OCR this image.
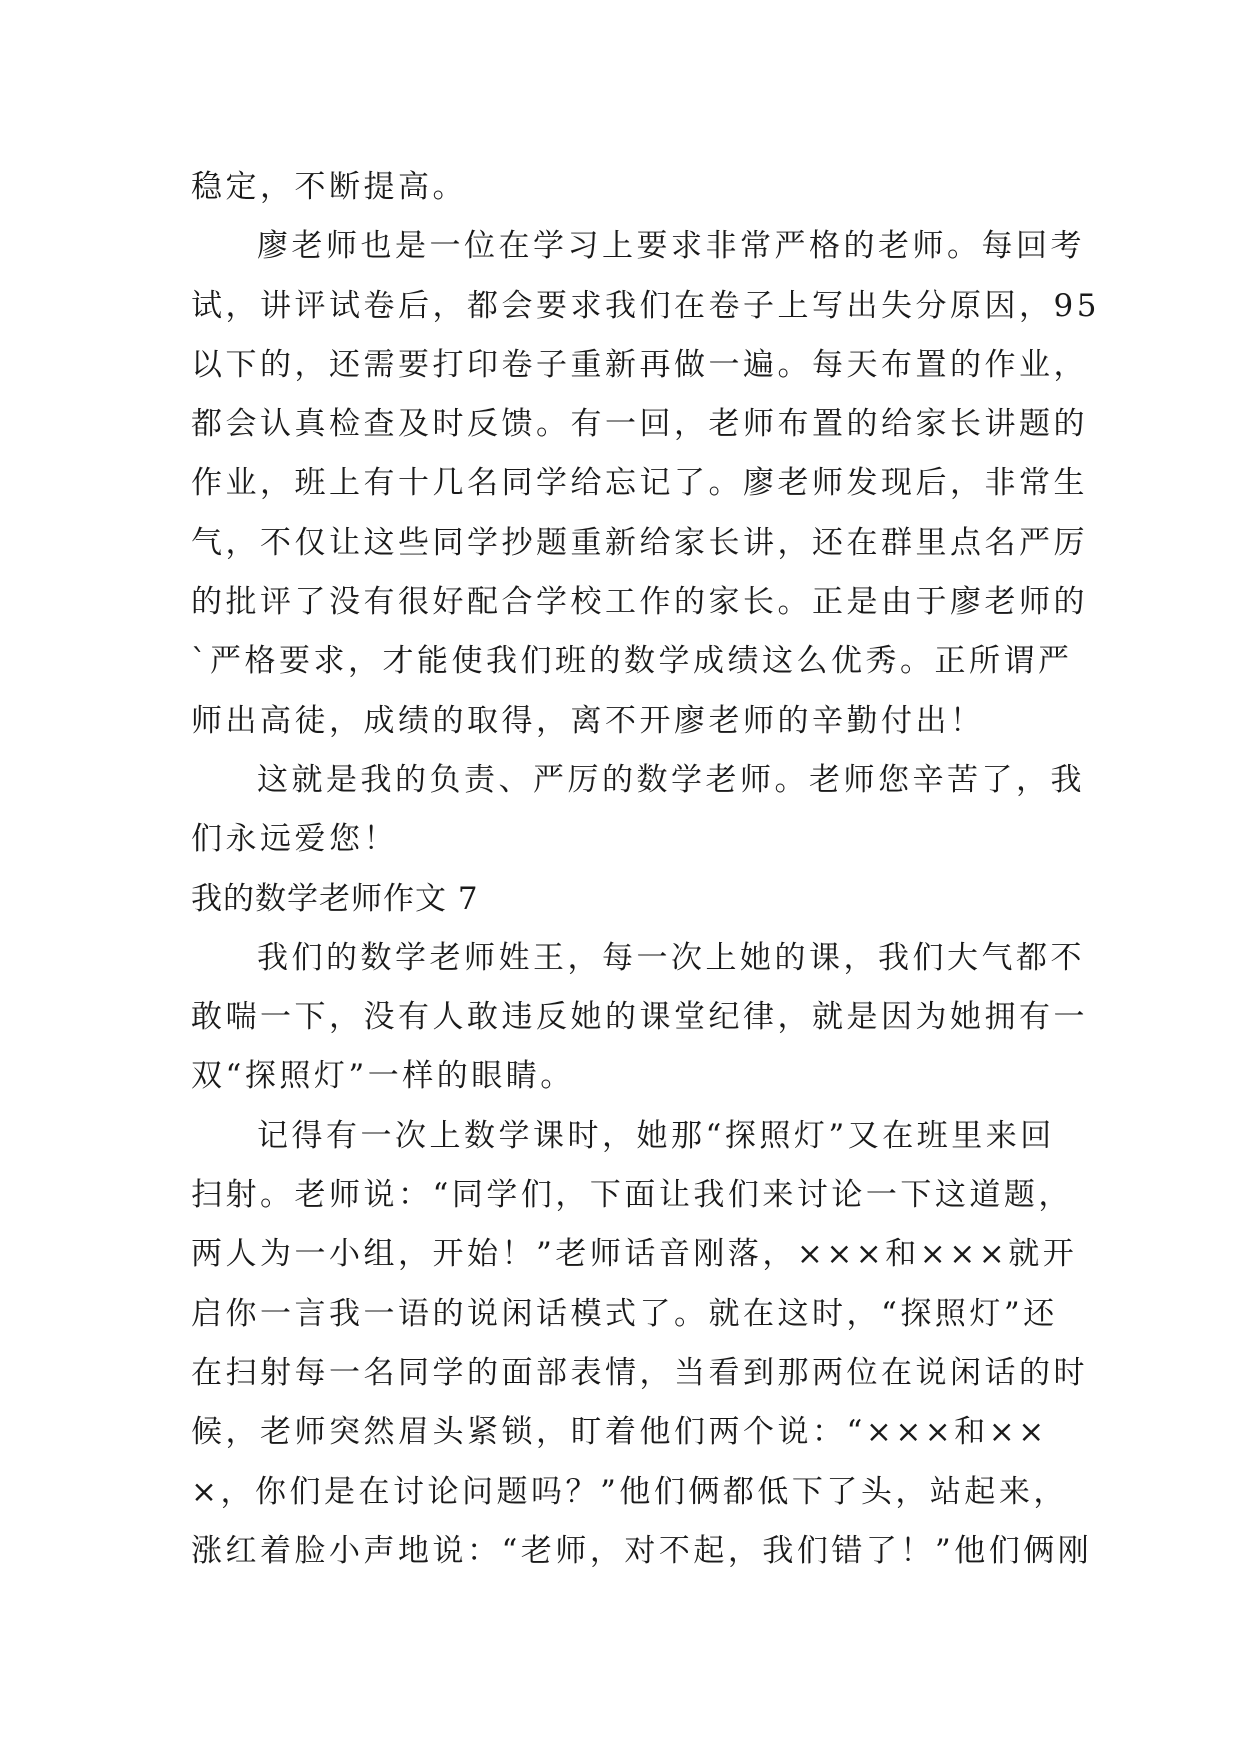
稳定，不断提高。
廖老师也是一位在学习上要求非常严格的老师。每回考
试，讲评试卷后，都会要求我们在卷子上写出失分原因，95
以下的，还需要打印卷子重新再做一遍。每天布置的作业，
都会认真检查及时反馈。有一回，老师布置的给家长讲题的
作业，班上有十几名同学给忘记了。廖老师发现后，非常生
气，不仅让这些同学抄题重新给家长讲，还在群里点名严厉
的批评了没有很好配合学校工作的家长。正是由于廖老师的
`严格要求，才能使我们班的数学成绩这么优秀。正所谓严
师出高徒，成绩的取得，离不开廖老师的辛勤付出！
这就是我的负责、严厉的数学老师。老师您辛苦了，我
们永远爱您！
我的数学老师作文 7
我们的数学老师姓王，每一次上她的课，我们大气都不
敢喘一下，没有人敢违反她的课堂纪律，就是因为她拥有一
双“探照灯”一样的眼睛。
记得有一次上数学课时，她那“探照灯”又在班里来回
扫射。老师说：“同学们，下面让我们来讨论一下这道题，
两人为一小组，开始！”老师话音刚落，×××和×××就开
启你一言我一语的说闲话模式了。就在这时，“探照灯”还
在扫射每一名同学的面部表情，当看到那两位在说闲话的时
候，老师突然眉头紧锁，盯着他们两个说：“×××和××
×，你们是在讨论问题吗？”他们俩都低下了头，站起来，
涨红着脸小声地说：“老师，对不起，我们错了！”他们俩刚
